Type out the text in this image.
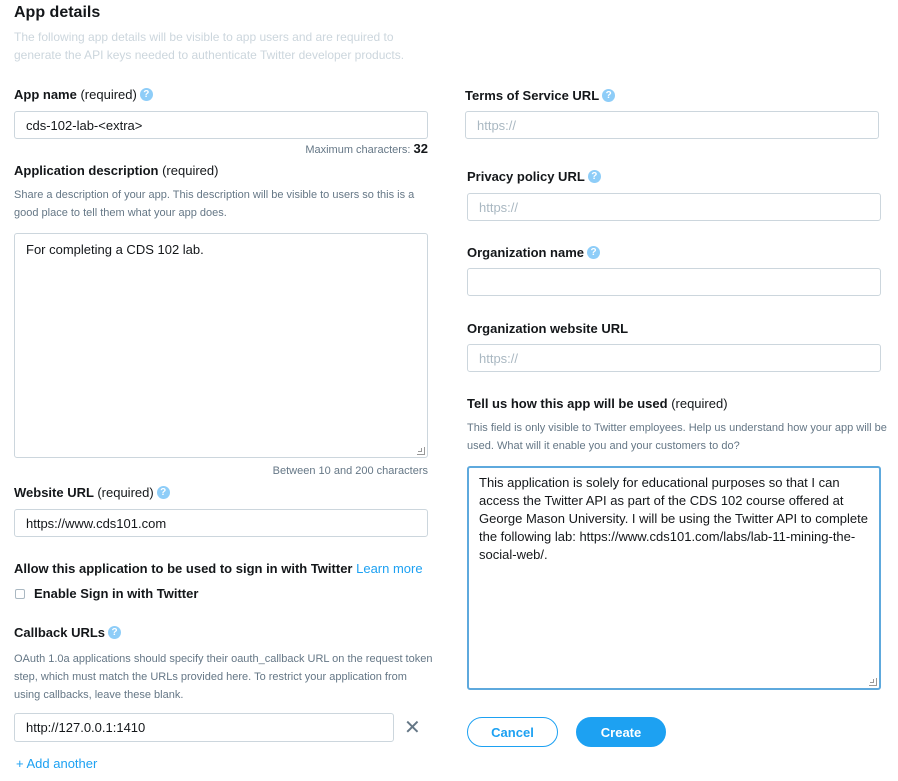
App details
The following app details will be visible to app users and are required to generate the API keys needed to authenticate Twitter developer products.
App name (required) ?
cds-102-lab-<extra>
Maximum characters: 32
Application description (required)
Share a description of your app. This description will be visible to users so this is a good place to tell them what your app does.
For completing a CDS 102 lab.
Between 10 and 200 characters
Website URL (required) ?
https://www.cds101.com
Allow this application to be used to sign in with Twitter Learn more
Enable Sign in with Twitter
Callback URLs ?
OAuth 1.0a applications should specify their oauth_callback URL on the request token step, which must match the URLs provided here. To restrict your application from using callbacks, leave these blank.
http://127.0.0.1:1410	✕
+ Add another
Terms of Service URL ?
https://
Privacy policy URL ?
https://
Organization name ?
Organization website URL
https://
Tell us how this app will be used (required)
This field is only visible to Twitter employees. Help us understand how your app will be used. What will it enable you and your customers to do?
This application is solely for educational purposes so that I can access the Twitter API as part of the CDS 102 course offered at George Mason University. I will be using the Twitter API to complete the following lab: https://www.cds101.com/labs/lab-11-mining-the-social-web/.
Cancel	Create
